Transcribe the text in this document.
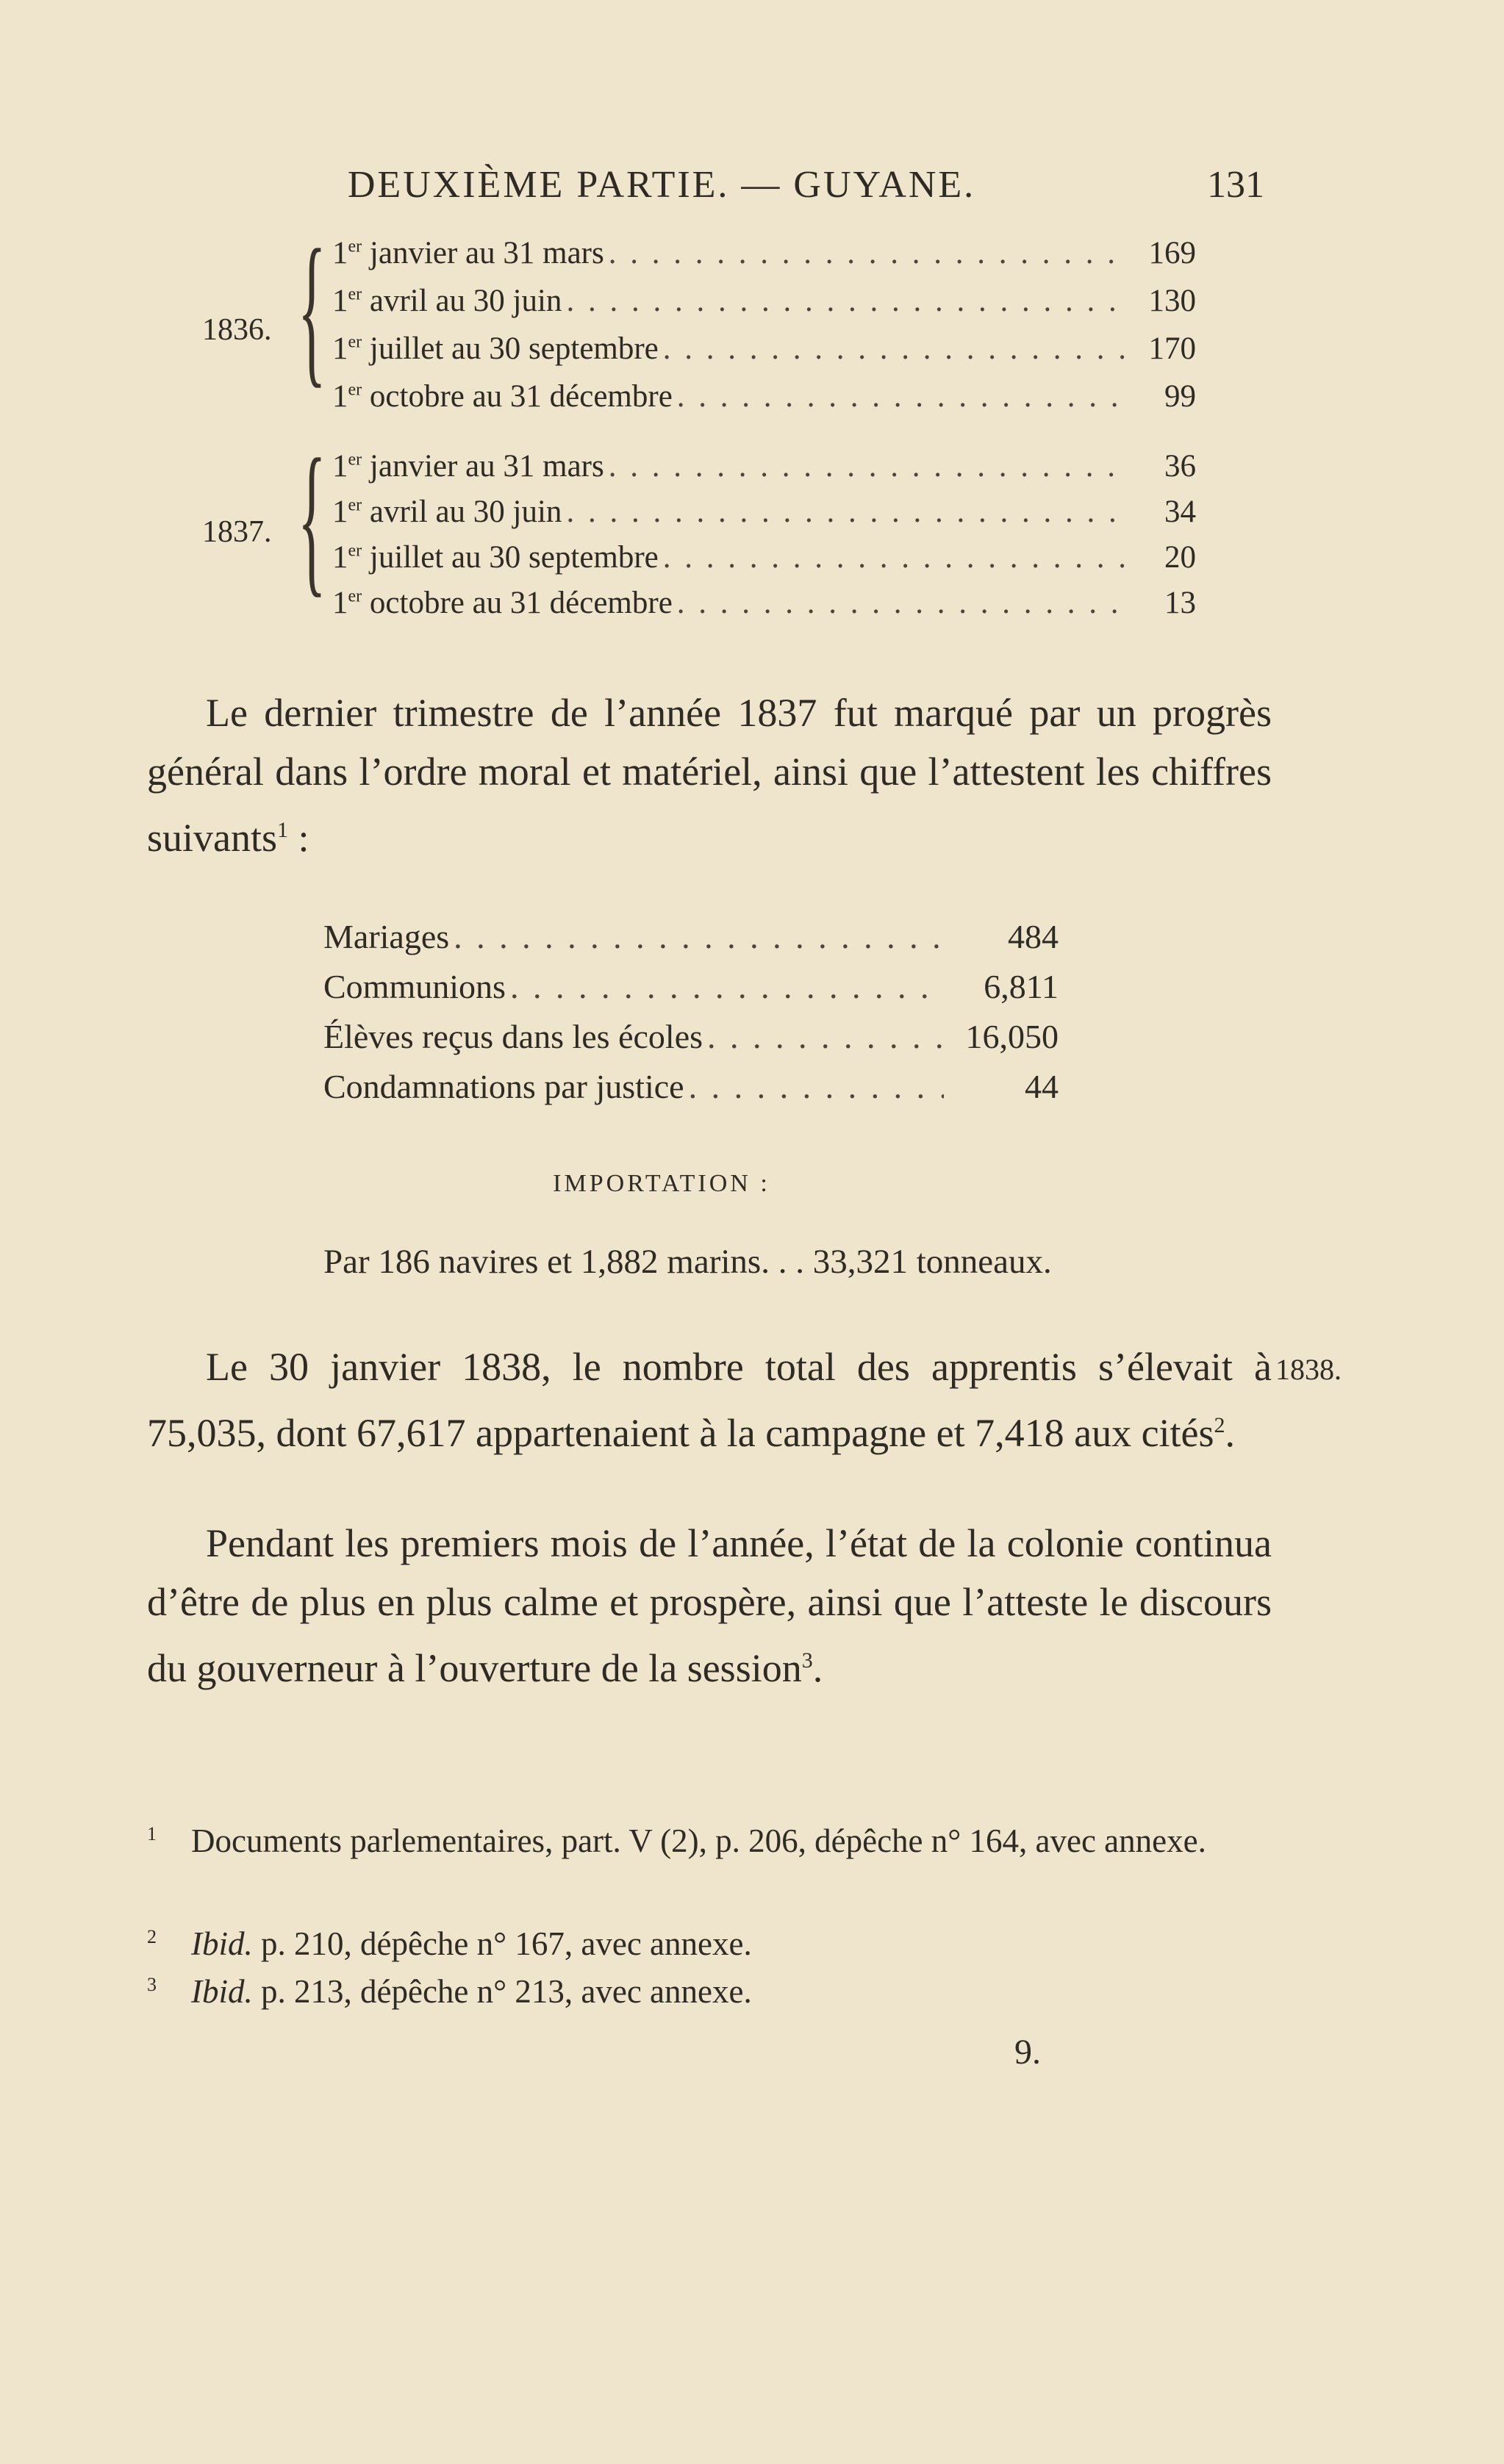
DEUXIÈME PARTIE. — GUYANE.	131
1836. { 1er janvier au 31 mars . . .	169
1er avril au 30 juin . . .	130
1er juillet au 30 septembre . . .	170
1er octobre au 31 décembre . . .	99
1837. { 1er janvier au 31 mars . . .	36
1er avril au 30 juin . . .	34
1er juillet au 30 septembre . . .	20
1er octobre au 31 décembre . . .	13
Le dernier trimestre de l’année 1837 fut marqué par un progrès général dans l’ordre moral et matériel, ainsi que l’attestent les chiffres suivants$^1$ :
Mariages . . .	484
Communions . . .	6,811
Élèves reçus dans les écoles . . .	16,050
Condamnations par justice . . .	44
IMPORTATION :
Par 186 navires et 1,882 marins. . . 33,321 tonneaux.
1838.
Le 30 janvier 1838, le nombre total des apprentis s’élevait à 75,035, dont 67,617 appartenaient à la campagne et 7,418 aux cités$^2$.
Pendant les premiers mois de l’année, l’état de la colonie continua d’être de plus en plus calme et prospère, ainsi que l’atteste le discours du gouverneur à l’ouverture de la session$^3$.
$^1$ Documents parlementaires, part. V (2), p. 206, dépêche n° 164, avec annexe.
$^2$ Ibid. p. 210, dépêche n° 167, avec annexe.
$^3$ Ibid. p. 213, dépêche n° 213, avec annexe.
9.
